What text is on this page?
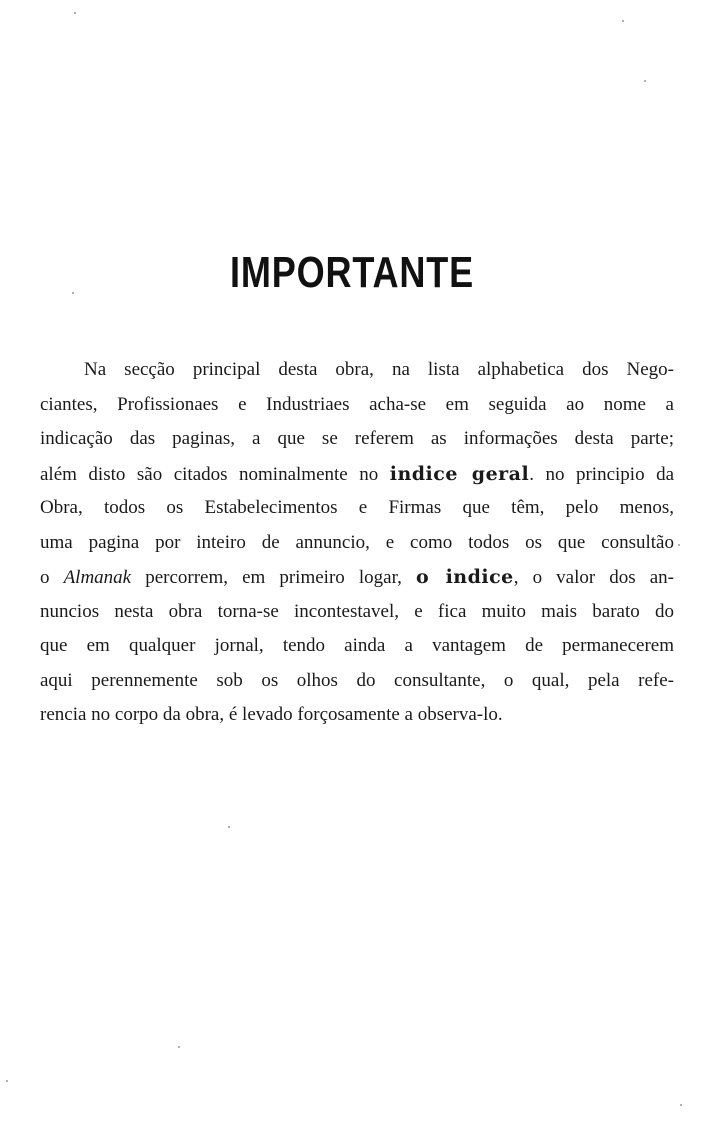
IMPORTANTE
Na secção principal desta obra, na lista alphabetica dos Nego-
ciantes, Profissionaes e Industriaes acha-se em seguida ao nome a
indicação das paginas, a que se referem as informações desta parte;
além disto são citados nominalmente no indice geral. no principio da
Obra, todos os Estabelecimentos e Firmas que têm, pelo menos,
uma pagina por inteiro de annuncio, e como todos os que consultão
o Almanak percorrem, em primeiro logar, o indice, o valor dos an-
nuncios nesta obra torna-se incontestavel, e fica muito mais barato do
que em qualquer jornal, tendo ainda a vantagem de permanecerem
aqui perennemente sob os olhos do consultante, o qual, pela refe-
rencia no corpo da obra, é levado forçosamente a observa-lo.
